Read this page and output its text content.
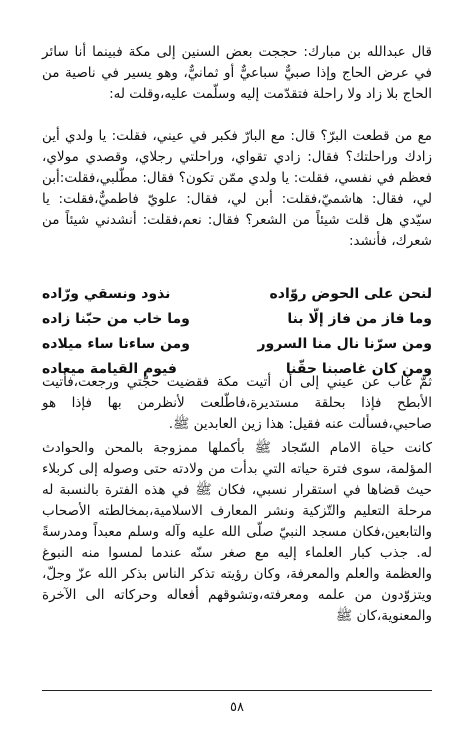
قال عبدالله بن مبارك: حججت بعض السنين إلى مكة فبينما أنا سائر في عرض الحاج وإذا صبيٌّ سباعيٌّ أو ثمانيٌّ، وهو يسير في ناصية من الحاج بلا زاد ولا راحلة فتقدّمت إليه وسلّمت عليه،وقلت له:

مع من قطعت البرّ؟ قال: مع البارّ فكبر في عيني، فقلت: يا ولدي أين زادك وراحلتك؟ فقال: زادي تقواي، وراحلتي رجلاي، وقصدي مولاي، فعظم في نفسي، فقلت: يا ولدي ممّن تكون؟ فقال: مطّلبي،فقلت:أبن لي، فقال: هاشميّ،فقلت: أبن لي، فقال: علويّ فاطميٌّ،فقلت: يا سيّدي هل قلت شيئاً من الشعر؟ فقال: نعم،فقلت: أنشدني شيئاً من شعرك، فأنشد:

لنحن على الحوض روّاده
نذود ونسقي ورّاده
وما فاز من فاز إلّا بنا
وما خاب من حبّنا زاده
ومن سرّنا نال منا السرور
ومن ساءنا ساء ميلاده
ومن كان غاصبنا حقّنا
فيوم القيامة ميعاده

ثمّ غاب عن عيني إلى أن أتيت مكة فقضيت حجّتي ورجعت،فأتيت الأبطح فإذا بحلقة مستديرة،فاطّلعت لأنظرمن بها فإذا هو صاحبي،فسألت عنه فقيل: هذا زين العابدين ﷺ.

كانت حياة الامام السّجاد ﷺ بأكملها ممزوجة بالمحن والحوادث المؤلمة، سوى فترة حياته التي بدأت من ولادته حتى وصوله إلى كربلاء حيث قضاها في استقرار نسبي، فكان ﷺ في هذه الفترة بالنسبة له مرحلة التعليم والتّزكية ونشر المعارف الاسلامية،بمخالطته الأصحاب والتابعين،فكان مسجد النبيّ صلّى الله عليه وآله وسلم معبداً ومدرسةً له. جذب كبار العلماء إليه مع صغر سنّه عندما لمسوا منه النبوغ والعظمة والعلم والمعرفة، وكان رؤيته تذكر الناس بذكر الله عزّ وجلّ، ويتزوّدون من علمه ومعرفته،وتشوقهم أفعاله وحركاته الى الآخرة والمعنوية،كان ﷺ

٥٨
